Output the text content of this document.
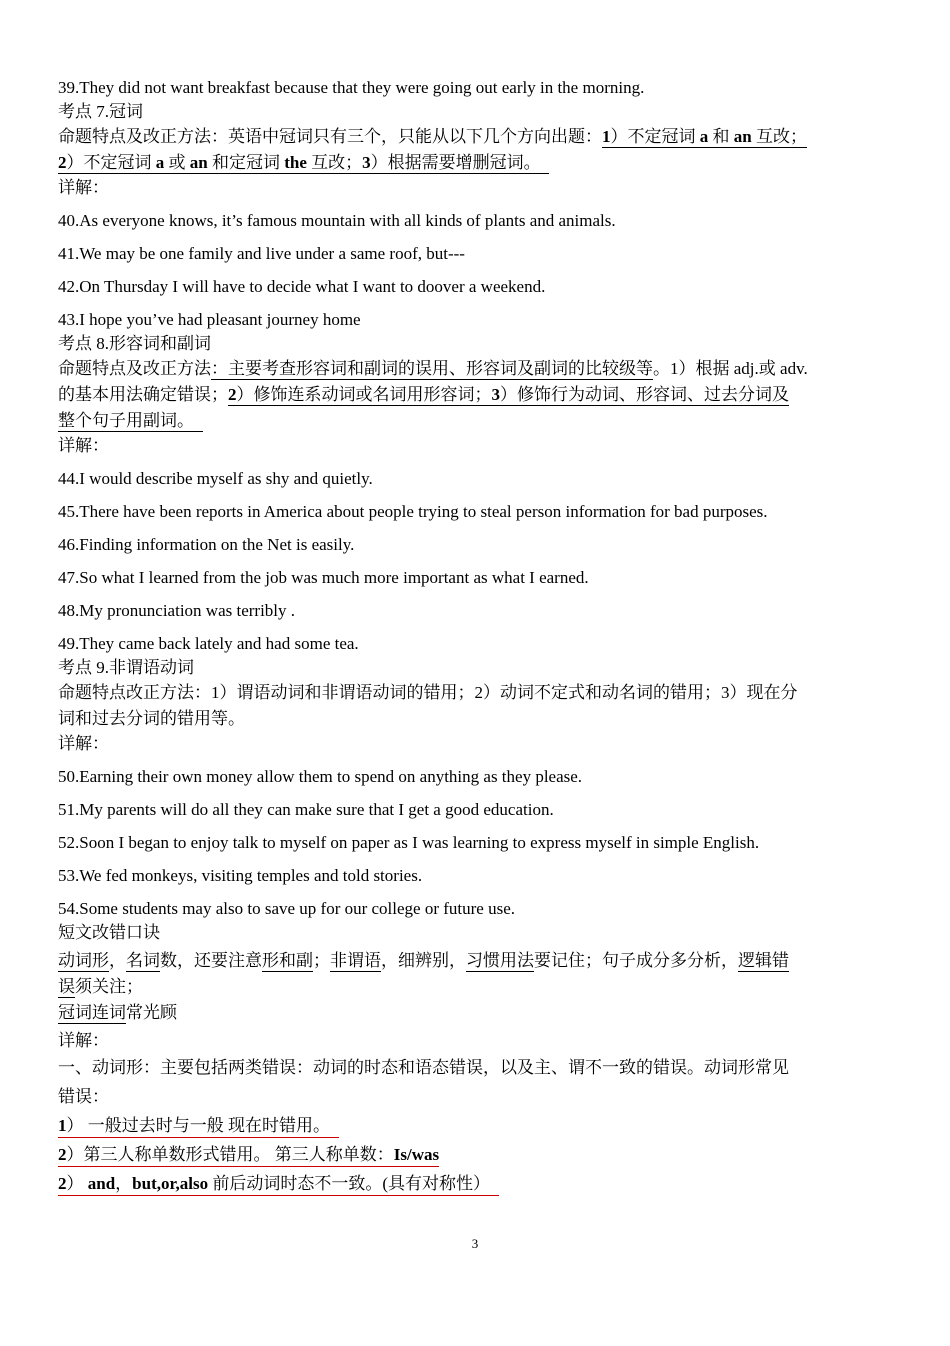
39.They did not want breakfast because that they were going out early in the morning.
考点 7.冠词
命题特点及改正方法：英语中冠词只有三个，只能从以下几个方向出题：1）不定冠词 a 和 an 互改；
2）不定冠词 a 或 an 和定冠词 the 互改；3）根据需要增删冠词。
详解：
40.As everyone knows, it’s famous mountain with all kinds of plants and animals.
41.We may be one family and live under a same roof, but---
42.On Thursday I will have to decide what I want to doover a weekend.
43.I hope you’ve had pleasant journey home
考点 8.形容词和副词
命题特点及改正方法：主要考查形容词和副词的误用、形容词及副词的比较级等。1）根据 adj.或 adv.
的基本用法确定错误；2）修饰连系动词或名词用形容词；3）修饰行为动词、形容词、过去分词及
整个句子用副词。
详解：
44.I would describe myself as shy and quietly.
45.There have been reports in America about people trying to steal person information for bad purposes.
46.Finding information on the Net is easily.
47.So what I learned from the job was much more important as what I earned.
48.My pronunciation was terribly .
49.They came back lately and had some tea.
考点 9.非谓语动词
命题特点改正方法：1）谓语动词和非谓语动词的错用；2）动词不定式和动名词的错用；3）现在分
词和过去分词的错用等。
详解：
50.Earning their own money allow them to spend on anything as they please.
51.My parents will do all they can make sure that I get a good education.
52.Soon I began to enjoy talk to myself on paper as I was learning to express myself in simple English.
53.We fed monkeys, visiting temples and told stories.
54.Some students may also to save up for our college or future use.
短文改错口诀
动词形，名词数，还要注意形和副；非谓语，细辨别，习惯用法要记住；句子成分多分析，逻辑错
误须关注；
冠词连词常光顾
详解：
一、动词形：主要包括两类错误：动词的时态和语态错误，以及主、谓不一致的错误。动词形常见
错误：
1） 一般过去时与一般 现在时错用。
2）第三人称单数形式错用。 第三人称单数：Is/was
2） and，but,or,also 前后动词时态不一致。(具有对称性）
3
